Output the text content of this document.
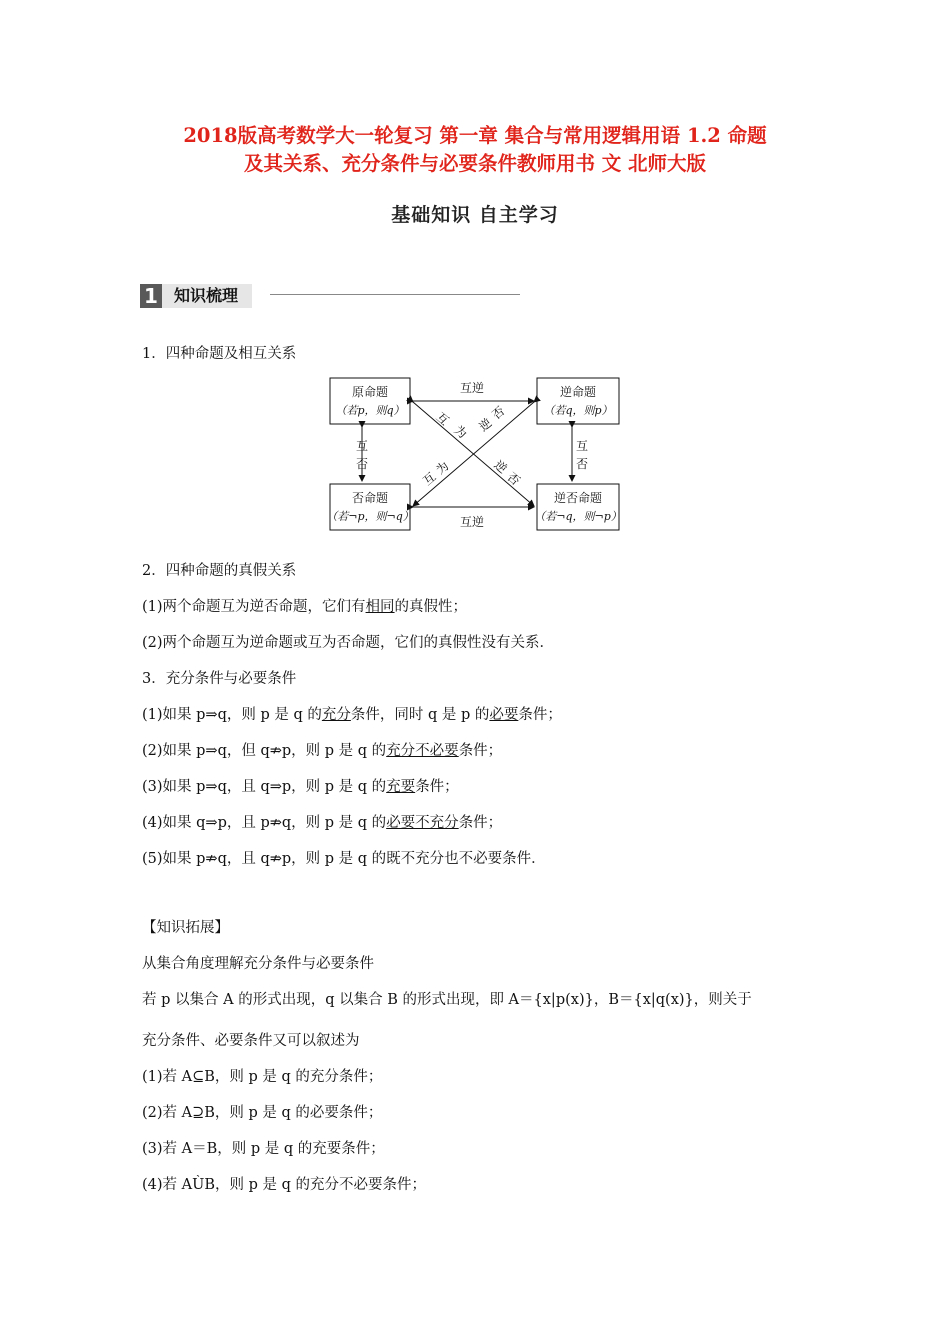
2018版高考数学大一轮复习 第一章 集合与常用逻辑用语 1.2 命题
及其关系、充分条件与必要条件教师用书 文 北师大版
基础知识 自主学习
1	知识梳理
1．四种命题及相互关系
原命题
（若p，则q）
逆命题
（若q，则p）
否命题
（若¬p，则¬q）
逆否命题
（若¬q，则¬p）
互逆
互逆
互
否
互
否
互
为
逆
否
互
为
逆
否
2．四种命题的真假关系
(1)两个命题互为逆否命题，它们有相同的真假性；
(2)两个命题互为逆命题或互为否命题，它们的真假性没有关系．
3．充分条件与必要条件
(1)如果 p⇒q，则 p 是 q 的充分条件，同时 q 是 p 的必要条件；
(2)如果 p⇒q，但 q⇏p，则 p 是 q 的充分不必要条件；
(3)如果 p⇒q，且 q⇒p，则 p 是 q 的充要条件；
(4)如果 q⇒p，且 p⇏q，则 p 是 q 的必要不充分条件；
(5)如果 p⇏q，且 q⇏p，则 p 是 q 的既不充分也不必要条件．
【知识拓展】
从集合角度理解充分条件与必要条件
若 p 以集合 A 的形式出现，q 以集合 B 的形式出现，即 A＝{x|p(x)}，B＝{x|q(x)}，则关于
充分条件、必要条件又可以叙述为
(1)若 A⊆B，则 p 是 q 的充分条件；
(2)若 A⊇B，则 p 是 q 的必要条件；
(3)若 A＝B，则 p 是 q 的充要条件；
(4)若 AÙB，则 p 是 q 的充分不必要条件；
